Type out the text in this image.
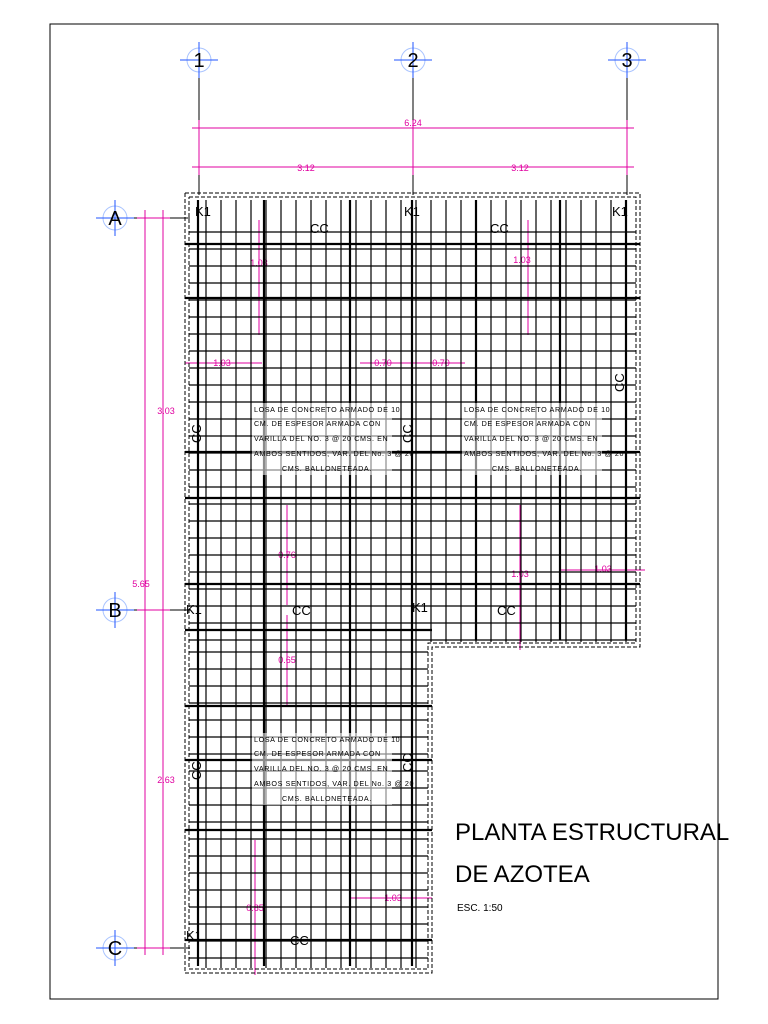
1	2	3
A
B
C
6.24
3.12	3.12
5.65
3.03
2.63
1.03	1.03
1.03	0.70	0.70
0.76
0.65
1.03	1.03
0.85
1.03
K1	K1	K1
K1	K1
K1
CC	CC
CC	CC
CC
CC	CC
CC
CC	CC
LOSA DE CONCRETO ARMADO DE 10
CM. DE ESPESOR ARMADA CON
VARILLA DEL NO. 3 @ 20 CMS. EN
AMBOS SENTIDOS, VAR. DEL No. 3 @ 20
CMS. BALLONETEADA.
LOSA DE CONCRETO ARMADO DE 10
CM. DE ESPESOR ARMADA CON
VARILLA DEL NO. 3 @ 20 CMS. EN
AMBOS SENTIDOS, VAR. DEL No. 3 @ 20
CMS. BALLONETEADA.
LOSA DE CONCRETO ARMADO DE 10
CM. DE ESPESOR ARMADA CON
VARILLA DEL NO. 3 @ 20 CMS. EN
AMBOS SENTIDOS, VAR. DEL No. 3 @ 20
CMS. BALLONETEADA.
PLANTA ESTRUCTURAL
DE AZOTEA
ESC. 1:50
